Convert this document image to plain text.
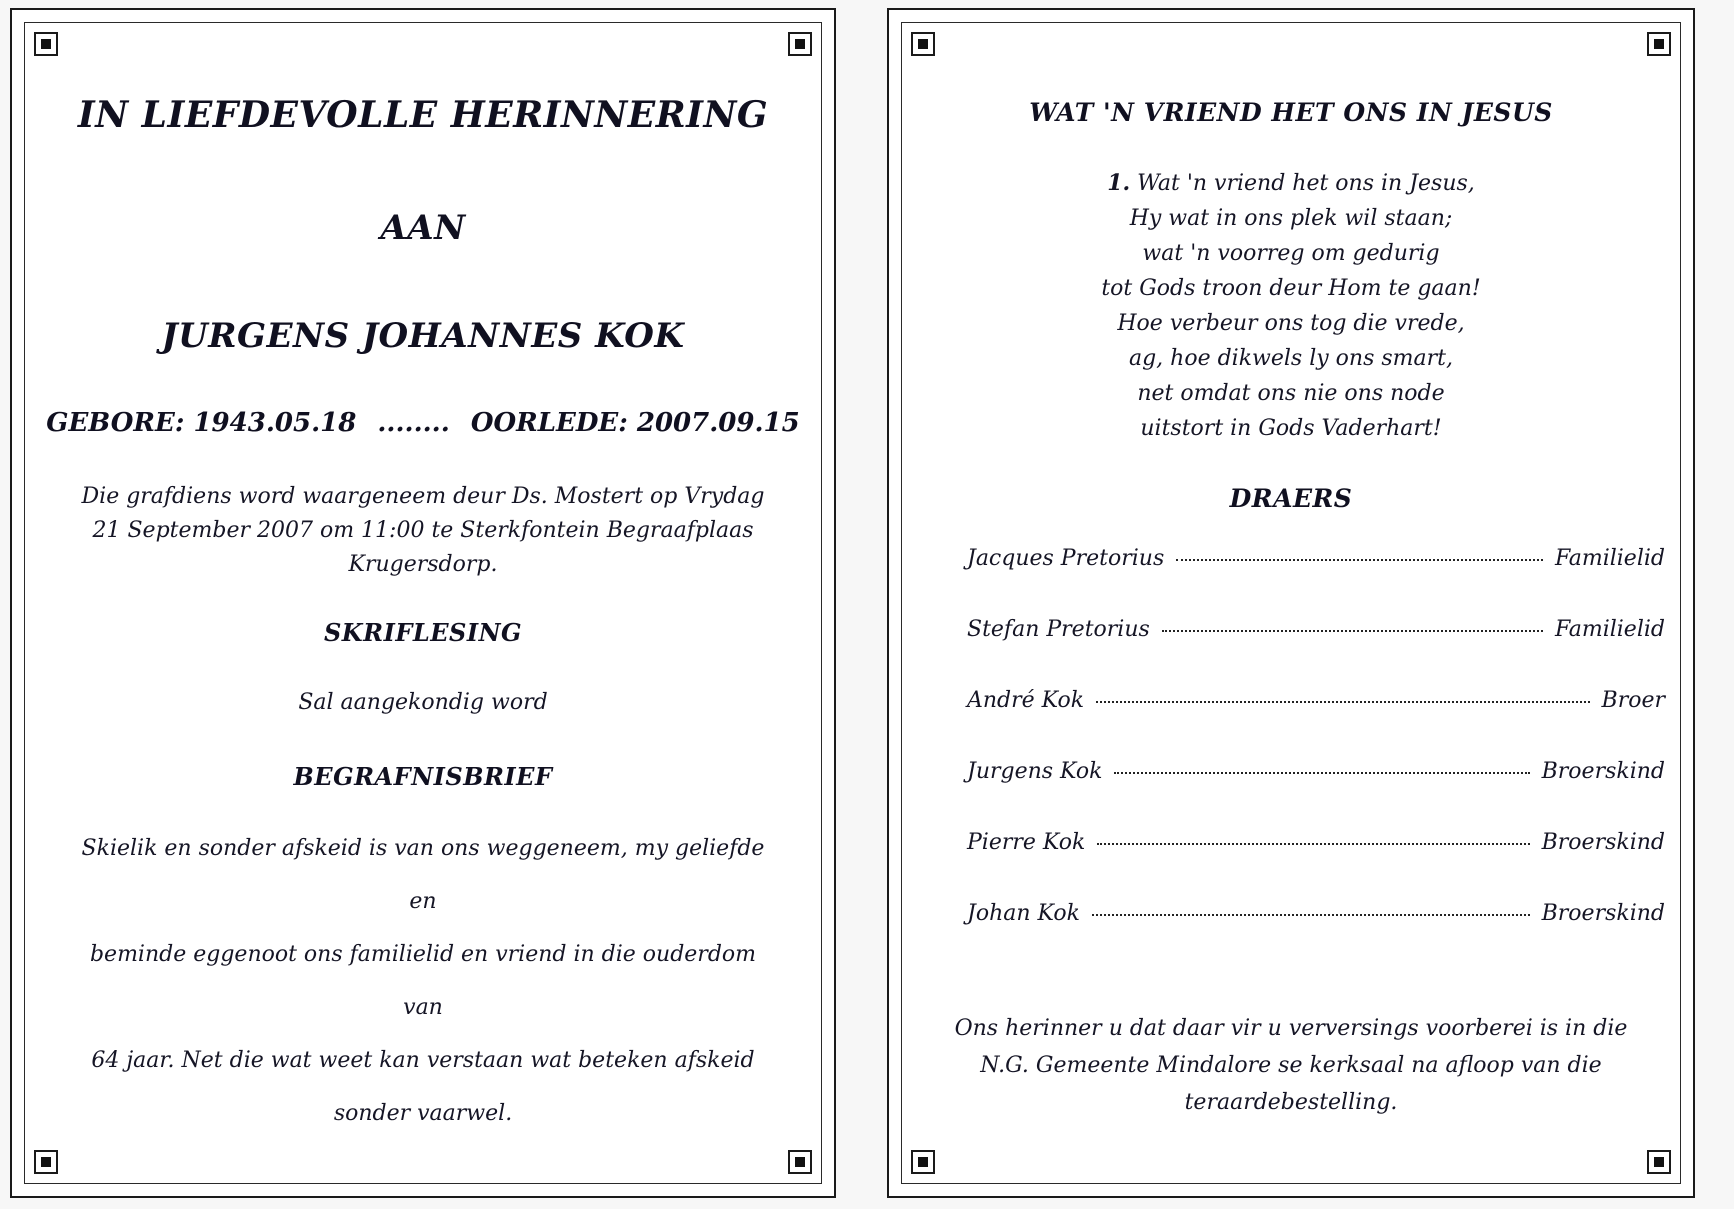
IN LIEFDEVOLLE HERINNERING
AAN
JURGENS JOHANNES KOK
GEBORE: 1943.05.18 ........ OORLEDE: 2007.09.15
Die grafdiens word waargeneem deur Ds. Mostert op Vrydag
21 September 2007 om 11:00 te Sterkfontein Begraafplaas
Krugersdorp.
SKRIFLESING
Sal aangekondig word
BEGRAFNISBRIEF
Skielik en sonder afskeid is van ons weggeneem, my geliefde en
beminde eggenoot ons familielid en vriend in die ouderdom van
64 jaar. Net die wat weet kan verstaan wat beteken afskeid
sonder vaarwel.
WAT 'N VRIEND HET ONS IN JESUS
1. Wat 'n vriend het ons in Jesus,
Hy wat in ons plek wil staan;
wat 'n voorreg om gedurig
tot Gods troon deur Hom te gaan!
Hoe verbeur ons tog die vrede,
ag, hoe dikwels ly ons smart,
net omdat ons nie ons node
uitstort in Gods Vaderhart!
DRAERS
Jacques Pretorius	Familielid
Stefan Pretorius	Familielid
André Kok	Broer
Jurgens Kok	Broerskind
Pierre Kok	Broerskind
Johan Kok	Broerskind
Ons herinner u dat daar vir u verversings voorberei is in die
N.G. Gemeente Mindalore se kerksaal na afloop van die
teraardebestelling.
